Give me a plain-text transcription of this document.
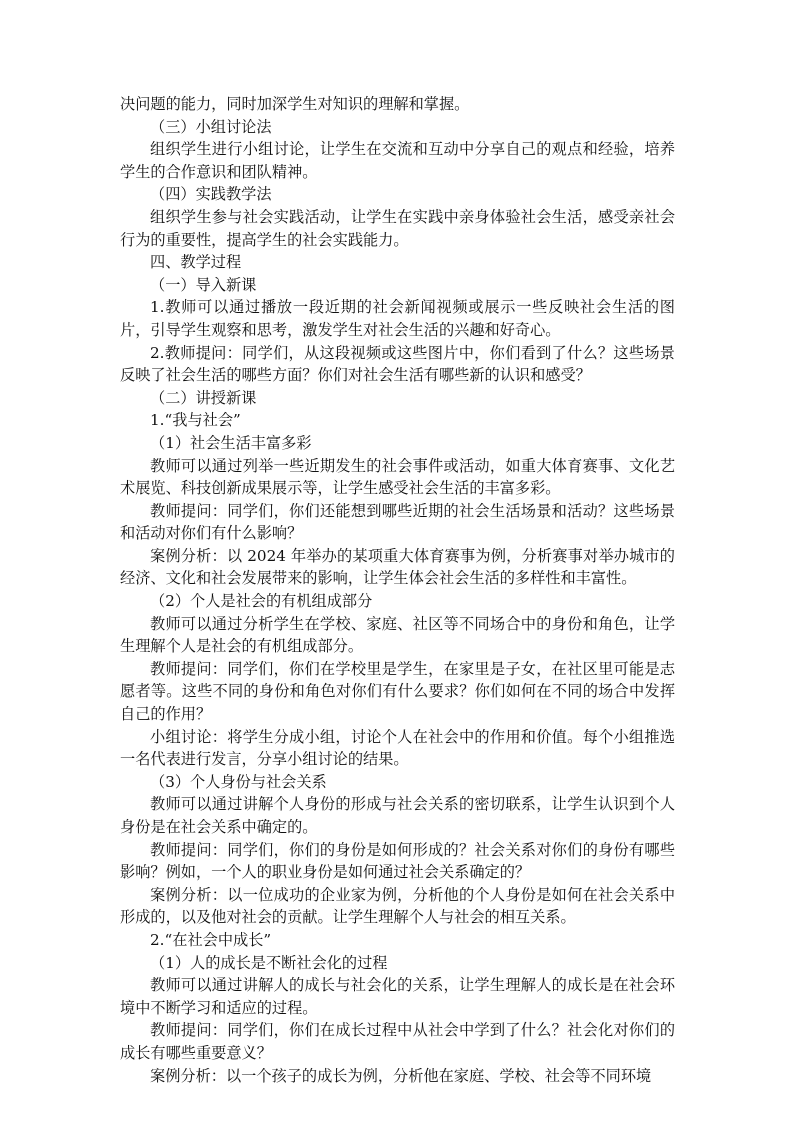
决问题的能力，同时加深学生对知识的理解和掌握。

（三）小组讨论法

组织学生进行小组讨论，让学生在交流和互动中分享自己的观点和经验，培养学生的合作意识和团队精神。

（四）实践教学法

组织学生参与社会实践活动，让学生在实践中亲身体验社会生活，感受亲社会行为的重要性，提高学生的社会实践能力。

四、教学过程

（一）导入新课

1.教师可以通过播放一段近期的社会新闻视频或展示一些反映社会生活的图片，引导学生观察和思考，激发学生对社会生活的兴趣和好奇心。

2.教师提问：同学们，从这段视频或这些图片中，你们看到了什么？这些场景反映了社会生活的哪些方面？你们对社会生活有哪些新的认识和感受？

（二）讲授新课

1.“我与社会”

（1）社会生活丰富多彩

教师可以通过列举一些近期发生的社会事件或活动，如重大体育赛事、文化艺术展览、科技创新成果展示等，让学生感受社会生活的丰富多彩。

教师提问：同学们，你们还能想到哪些近期的社会生活场景和活动？这些场景和活动对你们有什么影响？

案例分析：以 2024 年举办的某项重大体育赛事为例，分析赛事对举办城市的经济、文化和社会发展带来的影响，让学生体会社会生活的多样性和丰富性。

（2）个人是社会的有机组成部分

教师可以通过分析学生在学校、家庭、社区等不同场合中的身份和角色，让学生理解个人是社会的有机组成部分。

教师提问：同学们，你们在学校里是学生，在家里是子女，在社区里可能是志愿者等。这些不同的身份和角色对你们有什么要求？你们如何在不同的场合中发挥自己的作用？

小组讨论：将学生分成小组，讨论个人在社会中的作用和价值。每个小组推选一名代表进行发言，分享小组讨论的结果。

（3）个人身份与社会关系

教师可以通过讲解个人身份的形成与社会关系的密切联系，让学生认识到个人身份是在社会关系中确定的。

教师提问：同学们，你们的身份是如何形成的？社会关系对你们的身份有哪些影响？例如，一个人的职业身份是如何通过社会关系确定的？

案例分析：以一位成功的企业家为例，分析他的个人身份是如何在社会关系中形成的，以及他对社会的贡献。让学生理解个人与社会的相互关系。

2.“在社会中成长”

（1）人的成长是不断社会化的过程

教师可以通过讲解人的成长与社会化的关系，让学生理解人的成长是在社会环境中不断学习和适应的过程。

教师提问：同学们，你们在成长过程中从社会中学到了什么？社会化对你们的成长有哪些重要意义？

案例分析：以一个孩子的成长为例，分析他在家庭、学校、社会等不同环境
